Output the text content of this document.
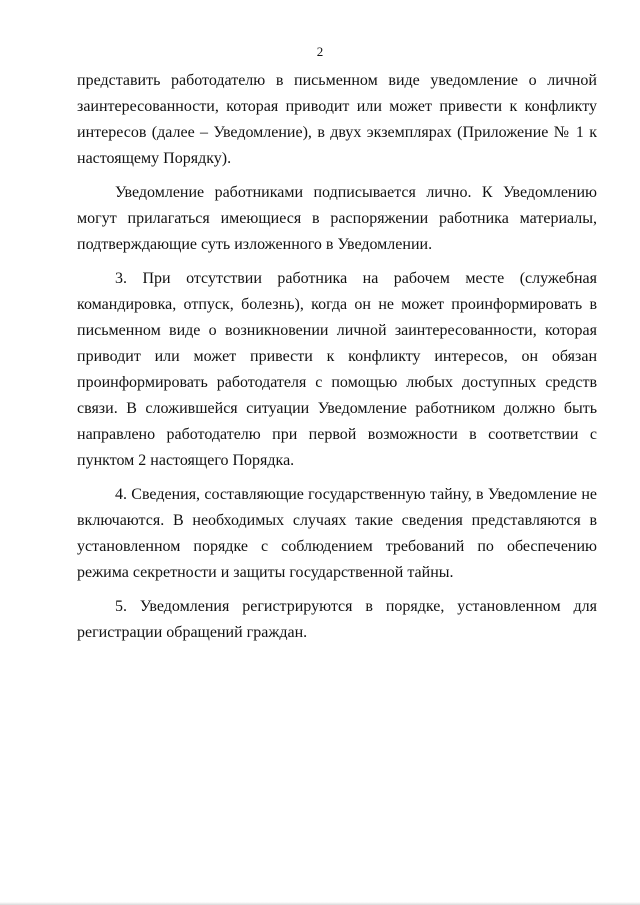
2

представить работодателю в письменном виде уведомление о личной заинтересованности, которая приводит или может привести к конфликту интересов (далее – Уведомление), в двух экземплярах (Приложение № 1 к настоящему Порядку).

Уведомление работниками подписывается лично. К Уведомлению могут прилагаться имеющиеся в распоряжении работника материалы, подтверждающие суть изложенного в Уведомлении.

3. При отсутствии работника на рабочем месте (служебная командировка, отпуск, болезнь), когда он не может проинформировать в письменном виде о возникновении личной заинтересованности, которая приводит или может привести к конфликту интересов, он обязан проинформировать работодателя с помощью любых доступных средств связи. В сложившейся ситуации Уведомление работником должно быть направлено работодателю при первой возможности в соответствии с пунктом 2 настоящего Порядка.

4. Сведения, составляющие государственную тайну, в Уведомление не включаются. В необходимых случаях такие сведения представляются в установленном порядке с соблюдением требований по обеспечению режима секретности и защиты государственной тайны.

5. Уведомления регистрируются в порядке, установленном для регистрации обращений граждан.
